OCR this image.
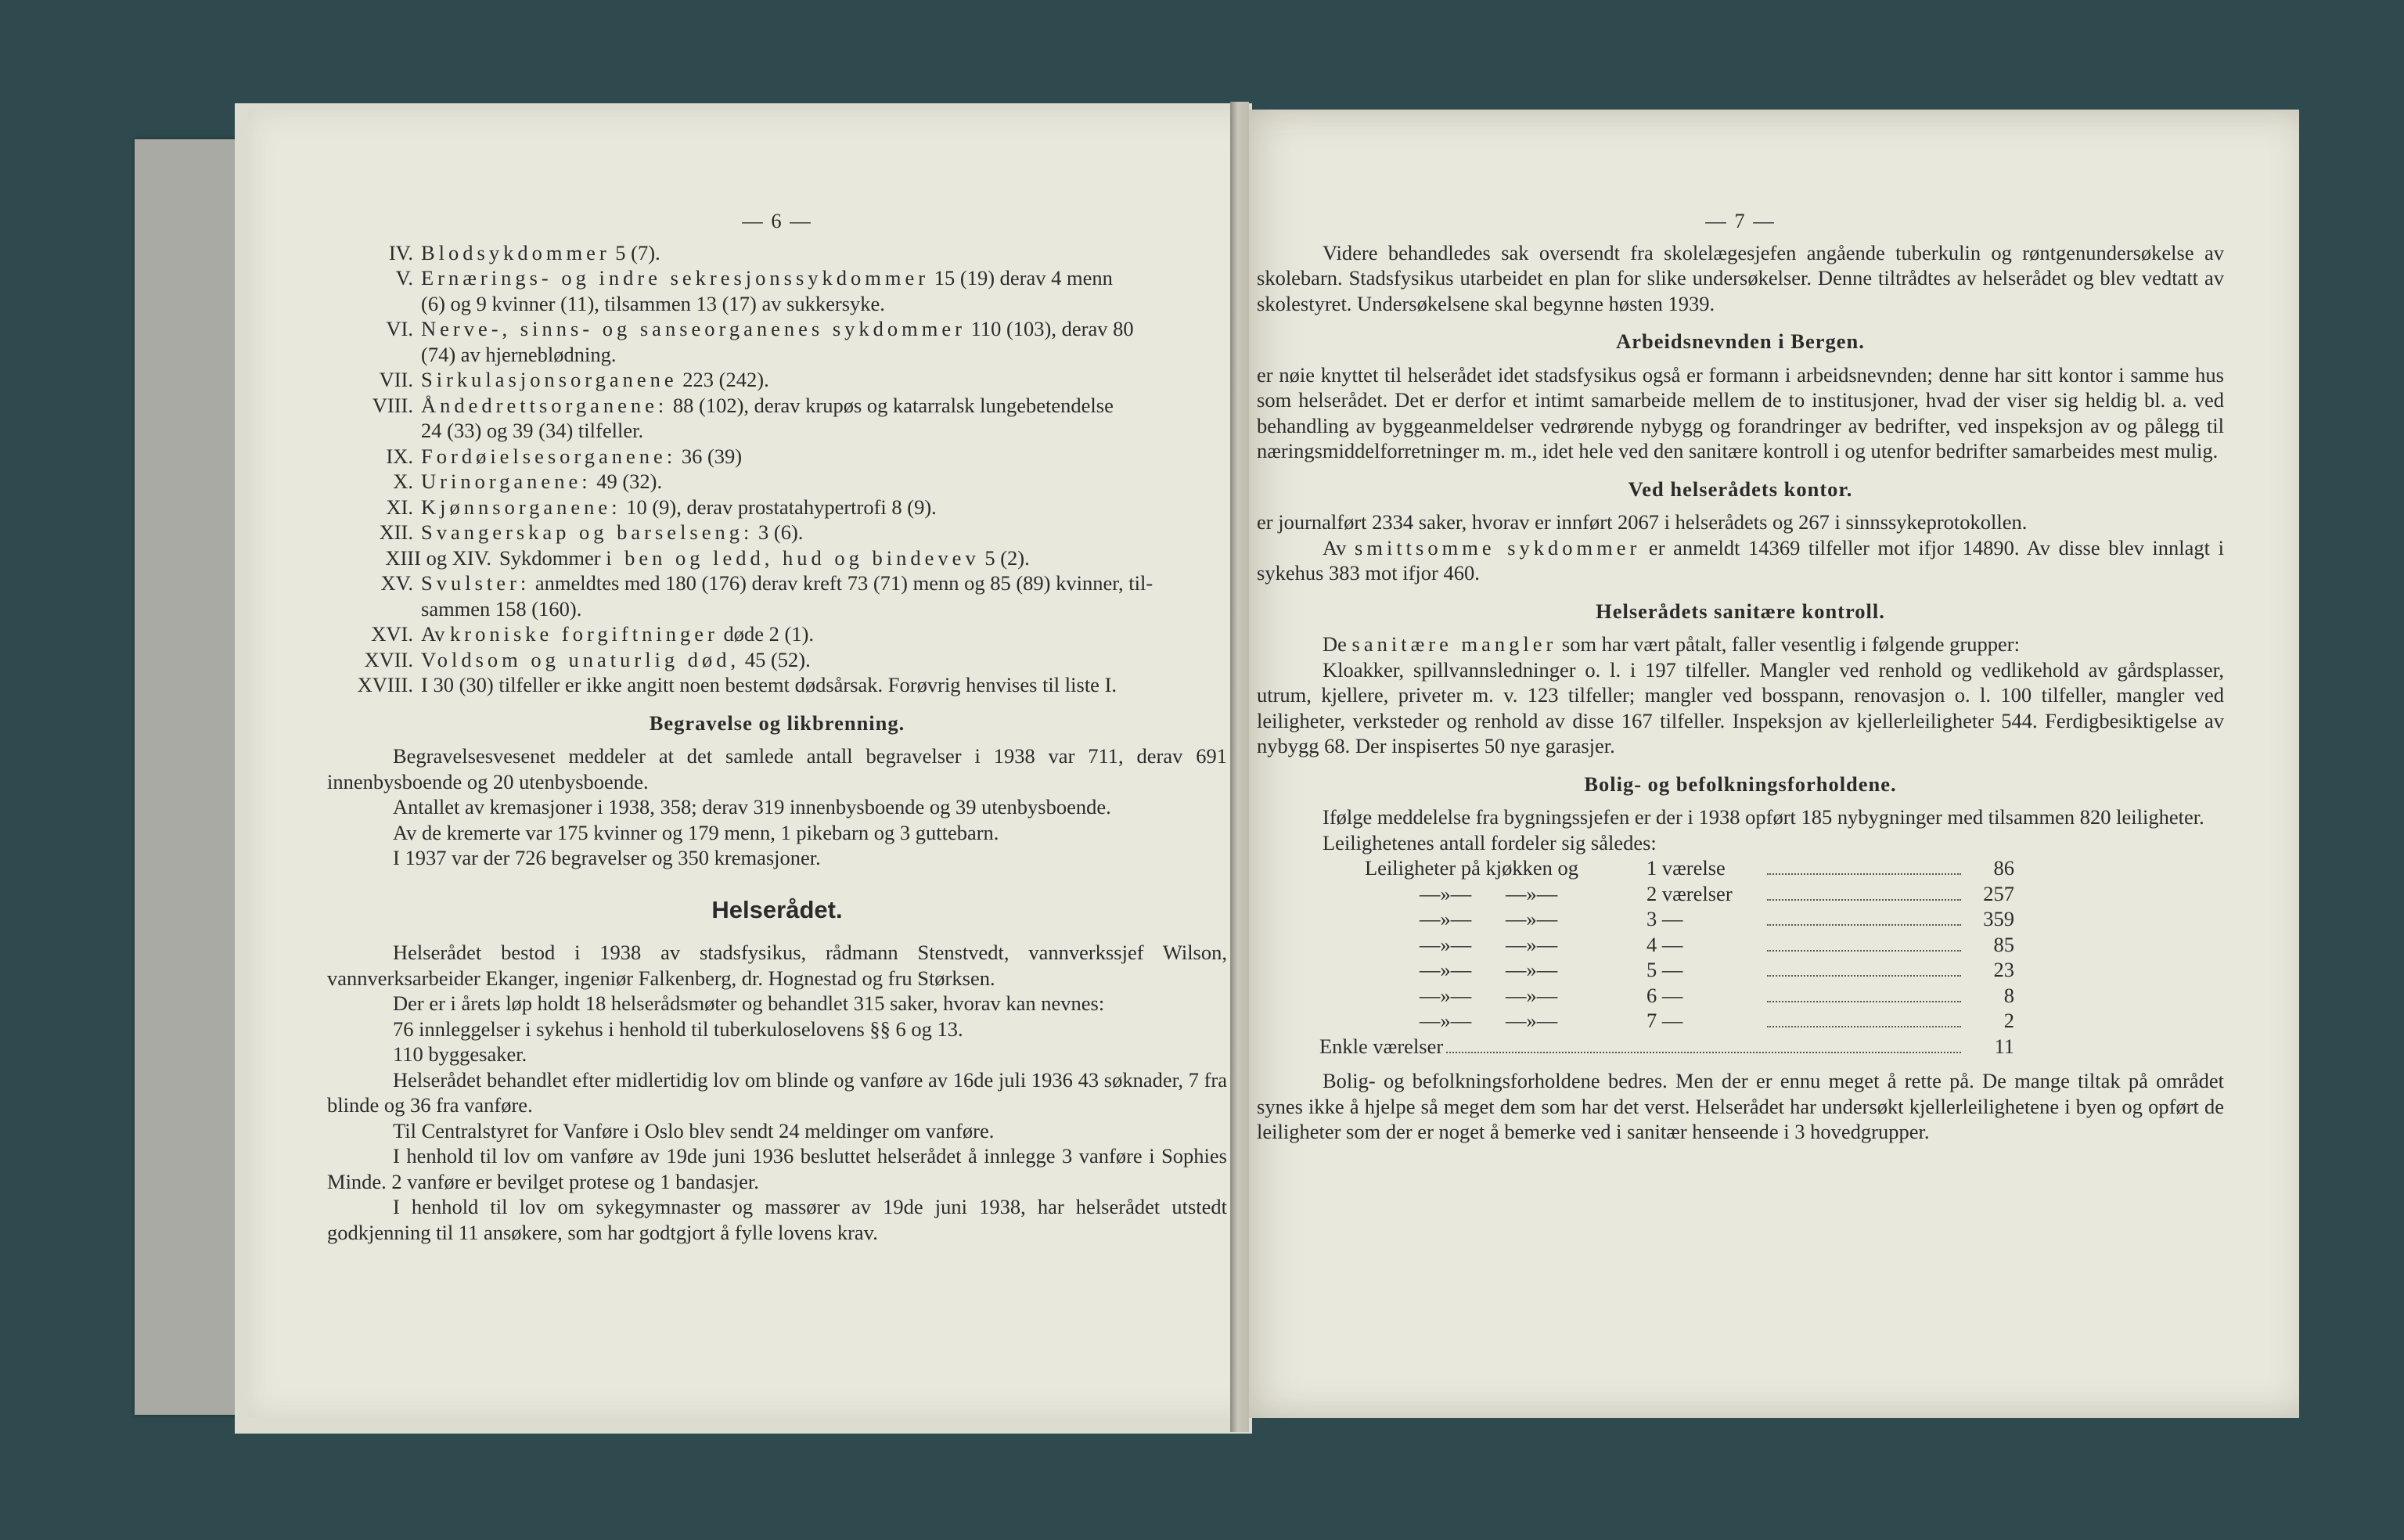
— 6 —
IV. Blodsykdommer 5 (7).
V. Ernærings- og indre sekresjonssykdommer 15 (19) derav 4 menn
(6) og 9 kvinner (11), tilsammen 13 (17) av sukkersyke.
VI. Nerve-, sinns- og sanseorganenes sykdommer 110 (103), derav 80
(74) av hjerneblødning.
VII. Sirkulasjonsorganene 223 (242).
VIII. Åndedrettsorganene: 88 (102), derav krupøs og katarralsk lungebetendelse
24 (33) og 39 (34) tilfeller.
IX. Fordøielsesorganene: 36 (39)
X. Urinorganene: 49 (32).
XI. Kjønnsorganene: 10 (9), derav prostatahypertrofi 8 (9).
XII. Svangerskap og barselseng: 3 (6).
XIII og XIV. Sykdommer i ben og ledd, hud og bindevev 5 (2).
XV. Svulster: anmeldtes med 180 (176) derav kreft 73 (71) menn og 85 (89) kvinner, til-
sammen 158 (160).
XVI. Av kroniske forgiftninger døde 2 (1).
XVII. Voldsom og unaturlig død, 45 (52).
XVIII. I 30 (30) tilfeller er ikke angitt noen bestemt dødsårsak. Forøvrig henvises til liste I.
Begravelse og likbrenning.

Begravelsesvesenet meddeler at det samlede antall begravelser i 1938 var 711, derav 691 innenbysboende og 20 utenbysboende.

Antallet av kremasjoner i 1938, 358; derav 319 innenbysboende og 39 utenbysboende.

Av de kremerte var 175 kvinner og 179 menn, 1 pikebarn og 3 guttebarn.

I 1937 var der 726 begravelser og 350 kremasjoner.

Helserådet.

Helserådet bestod i 1938 av stadsfysikus, rådmann Stenstvedt, vannverkssjef Wilson, vannverksarbeider Ekanger, ingeniør Falkenberg, dr. Hognestad og fru Størksen.

Der er i årets løp holdt 18 helserådsmøter og behandlet 315 saker, hvorav kan nevnes:

76 innleggelser i sykehus i henhold til tuberkuloselovens §§ 6 og 13.

110 byggesaker.

Helserådet behandlet efter midlertidig lov om blinde og vanføre av 16de juli 1936 43 søknader, 7 fra blinde og 36 fra vanføre.

Til Centralstyret for Vanføre i Oslo blev sendt 24 meldinger om vanføre.

I henhold til lov om vanføre av 19de juni 1936 besluttet helserådet å innlegge 3 vanføre i Sophies Minde. 2 vanføre er bevilget protese og 1 bandasjer.

I henhold til lov om sykegymnaster og massører av 19de juni 1938, har helserådet utstedt godkjenning til 11 ansøkere, som har godtgjort å fylle lovens krav.

— 7 —

Videre behandledes sak oversendt fra skolelægesjefen angående tuberkulin og røntgenundersøkelse av skolebarn. Stadsfysikus utarbeidet en plan for slike undersøkelser. Denne tiltrådtes av helserådet og blev vedtatt av skolestyret. Undersøkelsene skal begynne høsten 1939.

Arbeidsnevnden i Bergen.

er nøie knyttet til helserådet idet stadsfysikus også er formann i arbeidsnevnden; denne har sitt kontor i samme hus som helserådet. Det er derfor et intimt samarbeide mellem de to institusjoner, hvad der viser sig heldig bl. a. ved behandling av byggeanmeldelser vedrørende nybygg og forandringer av bedrifter, ved inspeksjon av og pålegg til næringsmiddelforretninger m. m., idet hele ved den sanitære kontroll i og utenfor bedrifter samarbeides mest mulig.

Ved helserådets kontor.

er journalført 2334 saker, hvorav er innført 2067 i helserådets og 267 i sinnssykeprotokollen.

Av smittsomme sykdommer er anmeldt 14369 tilfeller mot ifjor 14890. Av disse blev innlagt i sykehus 383 mot ifjor 460.

Helserådets sanitære kontroll.

De sanitære mangler som har vært påtalt, faller vesentlig i følgende grupper:

Kloakker, spillvannsledninger o. l. i 197 tilfeller. Mangler ved renhold og vedlikehold av gårdsplasser, utrum, kjellere, priveter m. v. 123 tilfeller; mangler ved bosspann, renovasjon o. l. 100 tilfeller, mangler ved leiligheter, verksteder og renhold av disse 167 tilfeller. Inspeksjon av kjellerleiligheter 544. Ferdigbesiktigelse av nybygg 68. Der inspisertes 50 nye garasjer.

Bolig- og befolkningsforholdene.

Ifølge meddelelse fra bygningssjefen er der i 1938 opført 185 nybygninger med tilsammen 820 leiligheter.

Leilighetenes antall fordeler sig således:

Leiligheter på kjøkken og	1 værelse	86
—»—	—»—	2 værelser	257
—»—	—»—	3 —	359
—»—	—»—	4 —	85
—»—	—»—	5 —	23
—»—	—»—	6 —	8
—»—	—»—	7 —	2
Enkle værelser	11

Bolig- og befolkningsforholdene bedres. Men der er ennu meget å rette på. De mange tiltak på området synes ikke å hjelpe så meget dem som har det verst. Helserådet har undersøkt kjellerleilighetene i byen og opført de leiligheter som der er noget å bemerke ved i sanitær henseende i 3 hovedgrupper.
